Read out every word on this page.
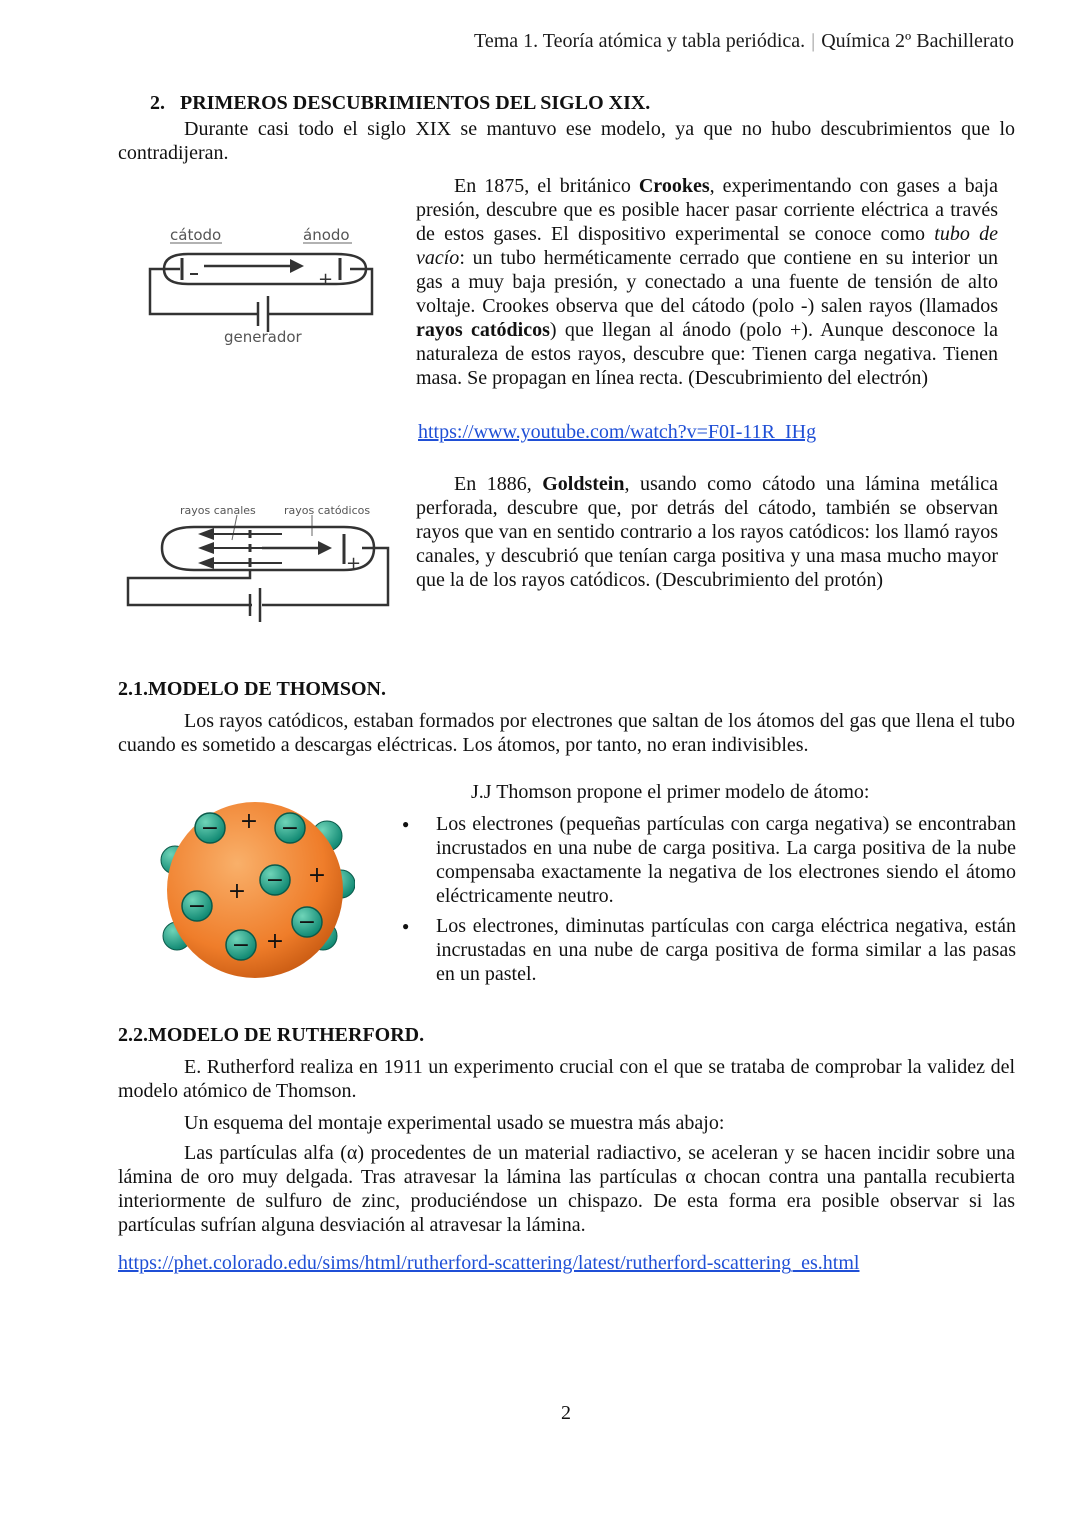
Tema 1. Teoría atómica y tabla periódica. | Química 2º Bachillerato
2. PRIMEROS DESCUBRIMIENTOS DEL SIGLO XIX.

Durante casi todo el siglo XIX se mantuvo ese modelo, ya que no hubo descubrimientos que lo contradijeran.

cátodo	ánodo
+
generador

En 1875, el británico Crookes, experimentando con gases a baja presión, descubre que es posible hacer pasar corriente eléctrica a través de estos gases. El dispositivo experimental se conoce como tubo de vacío: un tubo herméticamente cerrado que contiene en su interior un gas a muy baja presión, y conectado a una fuente de tensión de alto voltaje. Crookes observa que del cátodo (polo -) salen rayos (llamados rayos catódicos) que llegan al ánodo (polo +). Aunque desconoce la naturaleza de estos rayos, descubre que: Tienen carga negativa. Tienen masa. Se propagan en línea recta. (Descubrimiento del electrón)

https://www.youtube.com/watch?v=F0I-11R_IHg
rayos canales	rayos catódicos
+

En 1886, Goldstein, usando como cátodo una lámina metálica perforada, descubre que, por detrás del cátodo, también se observan rayos que van en sentido contrario a los rayos catódicos: los llamó rayos canales, y descubrió que tenían carga positiva y una masa mucho mayor que la de los rayos catódicos. (Descubrimiento del protón)

2.1.MODELO DE THOMSON.

Los rayos catódicos, estaban formados por electrones que saltan de los átomos del gas que llena el tubo cuando es sometido a descargas eléctricas. Los átomos, por tanto, no eran indivisibles.

−	−
−
−
−
−
+
+
+
+

J.J Thomson propone el primer modelo de átomo:

● Los electrones (pequeñas partículas con carga negativa) se encontraban incrustados en una nube de carga positiva. La carga positiva de la nube compensaba exactamente la negativa de los electrones siendo el átomo eléctricamente neutro.
● Los electrones, diminutas partículas con carga eléctrica negativa, están incrustadas en una nube de carga positiva de forma similar a las pasas en un pastel.
2.2.MODELO DE RUTHERFORD.

E. Rutherford realiza en 1911 un experimento crucial con el que se trataba de comprobar la validez del modelo atómico de Thomson.

Un esquema del montaje experimental usado se muestra más abajo:

Las partículas alfa (α) procedentes de un material radiactivo, se aceleran y se hacen incidir sobre una lámina de oro muy delgada. Tras atravesar la lámina las partículas α chocan contra una pantalla recubierta interiormente de sulfuro de zinc, produciéndose un chispazo. De esta forma era posible observar si las partículas sufrían alguna desviación al atravesar la lámina.

https://phet.colorado.edu/sims/html/rutherford-scattering/latest/rutherford-scattering_es.html
2
